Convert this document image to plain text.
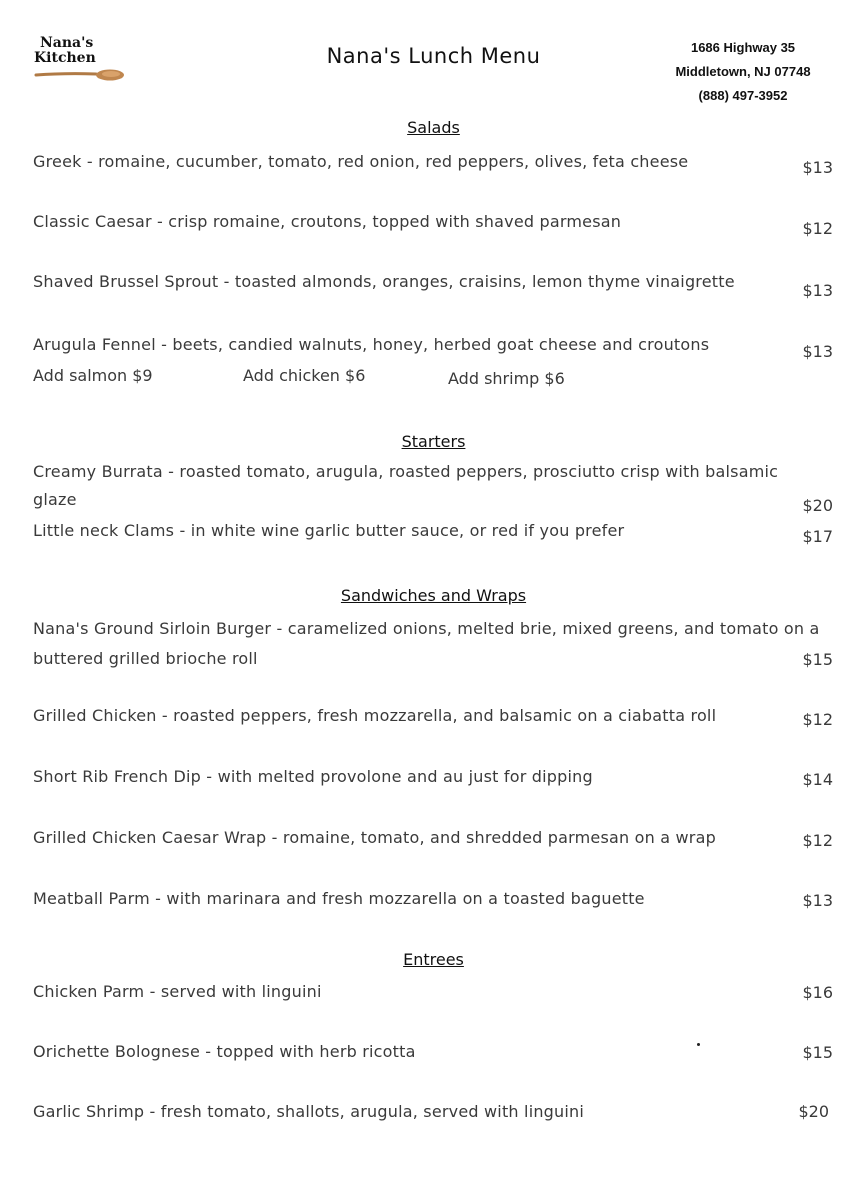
Nana's
Kitchen	Nana's Lunch Menu	1686 Highway 35
Middletown, NJ 07748
(888) 497-3952
Salads
Greek - romaine, cucumber, tomato, red onion, red peppers, olives, feta cheese	$13
Classic Caesar - crisp romaine, croutons, topped with shaved parmesan	$12
Shaved Brussel Sprout - toasted almonds, oranges, craisins, lemon thyme vinaigrette	$13
Arugula Fennel - beets, candied walnuts, honey, herbed goat cheese and croutons	$13
Add salmon $9	Add chicken $6	Add shrimp $6
Starters
Creamy Burrata - roasted tomato, arugula, roasted peppers, prosciutto crisp with balsamic glaze	$20
Little neck Clams - in white wine garlic butter sauce, or red if you prefer	$17
Sandwiches and Wraps
Nana's Ground Sirloin Burger - caramelized onions, melted brie, mixed greens, and tomato on a buttered grilled brioche roll	$15
Grilled Chicken - roasted peppers, fresh mozzarella, and balsamic on a ciabatta roll	$12
Short Rib French Dip - with melted provolone and au just for dipping	$14
Grilled Chicken Caesar Wrap - romaine, tomato, and shredded parmesan on a wrap	$12
Meatball Parm - with marinara and fresh mozzarella on a toasted baguette	$13
Entrees
Chicken Parm - served with linguini	$16
Orichette Bolognese - topped with herb ricotta	$15
Garlic Shrimp - fresh tomato, shallots, arugula, served with linguini	$20
